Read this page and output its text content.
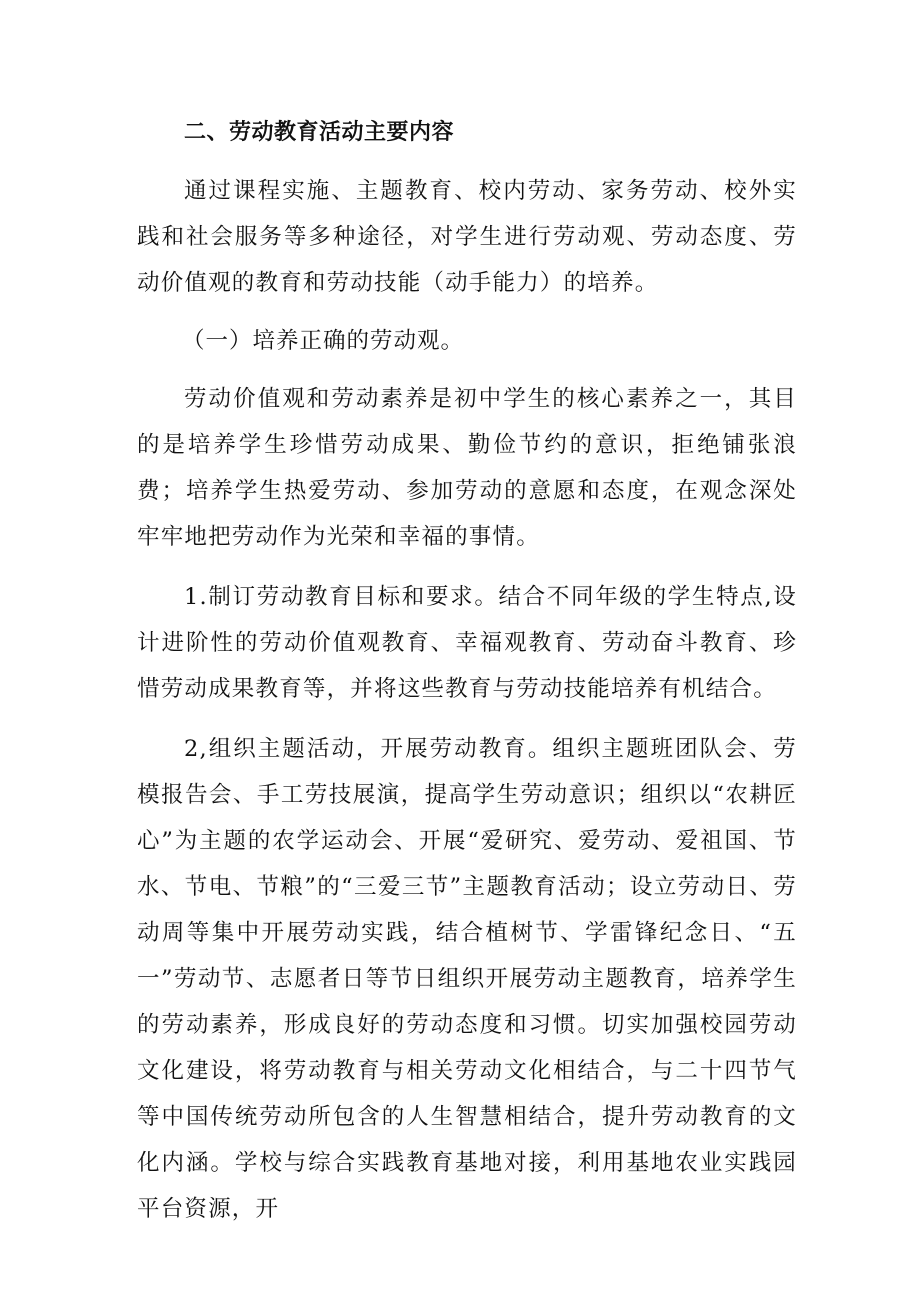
二、劳动教育活动主要内容

通过课程实施、主题教育、校内劳动、家务劳动、校外实践和社会服务等多种途径，对学生进行劳动观、劳动态度、劳动价值观的教育和劳动技能（动手能力）的培养。

（一）培养正确的劳动观。

劳动价值观和劳动素养是初中学生的核心素养之一，其目的是培养学生珍惜劳动成果、勤俭节约的意识，拒绝铺张浪费；培养学生热爱劳动、参加劳动的意愿和态度，在观念深处牢牢地把劳动作为光荣和幸福的事情。

1.制订劳动教育目标和要求。结合不同年级的学生特点,设计进阶性的劳动价值观教育、幸福观教育、劳动奋斗教育、珍惜劳动成果教育等，并将这些教育与劳动技能培养有机结合。

2,组织主题活动，开展劳动教育。组织主题班团队会、劳模报告会、手工劳技展演，提高学生劳动意识；组织以“农耕匠心”为主题的农学运动会、开展“爱研究、爱劳动、爱祖国、节水、节电、节粮”的“三爱三节”主题教育活动；设立劳动日、劳动周等集中开展劳动实践，结合植树节、学雷锋纪念日、“五一”劳动节、志愿者日等节日组织开展劳动主题教育，培养学生的劳动素养，形成良好的劳动态度和习惯。切实加强校园劳动文化建设，将劳动教育与相关劳动文化相结合，与二十四节气等中国传统劳动所包含的人生智慧相结合，提升劳动教育的文化内涵。学校与综合实践教育基地对接，利用基地农业实践园平台资源，开
